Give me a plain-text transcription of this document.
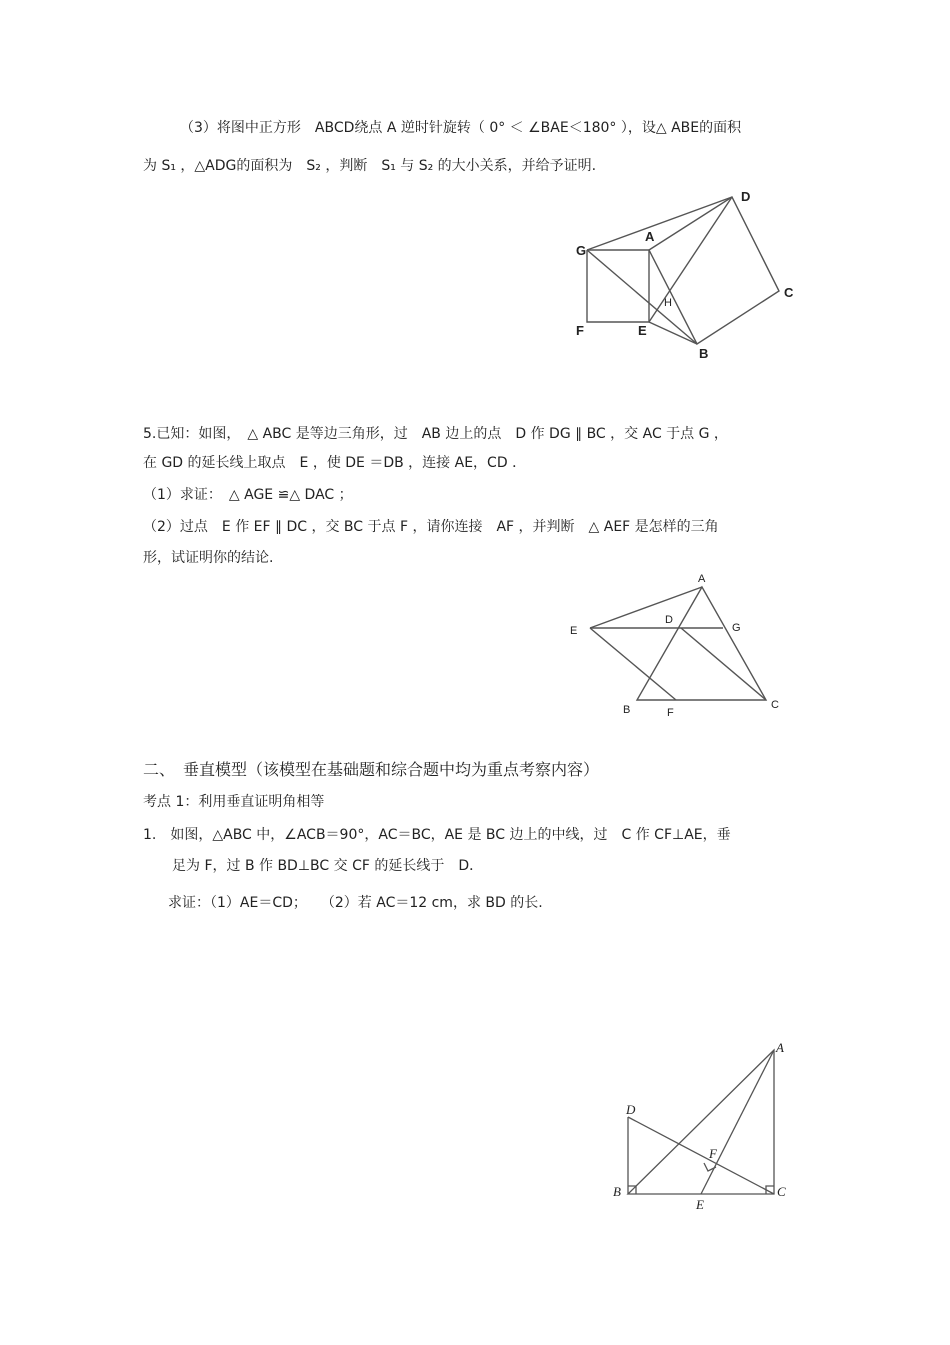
（3）将图中正方形　ABCD绕点 A 逆时针旋转（ 0° ＜ ∠BAE＜180° ），设△ ABE的面积
为 S₁ ，△ADG的面积为　S₂ ，判断　S₁ 与 S₂ 的大小关系，并给予证明.
D
A
G
H
C
F	E
B
5.已知：如图，　△ ABC 是等边三角形，过　AB 边上的点　D 作 DG ∥ BC ，交 AC 于点 G ，
在 GD 的延长线上取点　E ，使 DE ＝DB ，连接 AE，CD ．
（1）求证：　△ AGE ≌△ DAC ；
（2）过点　E 作 EF ∥ DC ，交 BC 于点 F ，请你连接　AF ，并判断　△ AEF 是怎样的三角
形，试证明你的结论.
A
E
D
G
B	F
C
二、　垂直模型（该模型在基础题和综合题中均为重点考察内容）
考点 1：利用垂直证明角相等
1.　如图，△ABC 中，∠ACB＝90°，AC＝BC，AE 是 BC 边上的中线，过　C 作 CF⊥AE，垂
足为 F，过 B 作 BD⊥BC 交 CF 的延长线于　D．
求证：（1）AE＝CD；　　（2）若 AC＝12 cm，求 BD 的长.
A
D
F
B
E
C
